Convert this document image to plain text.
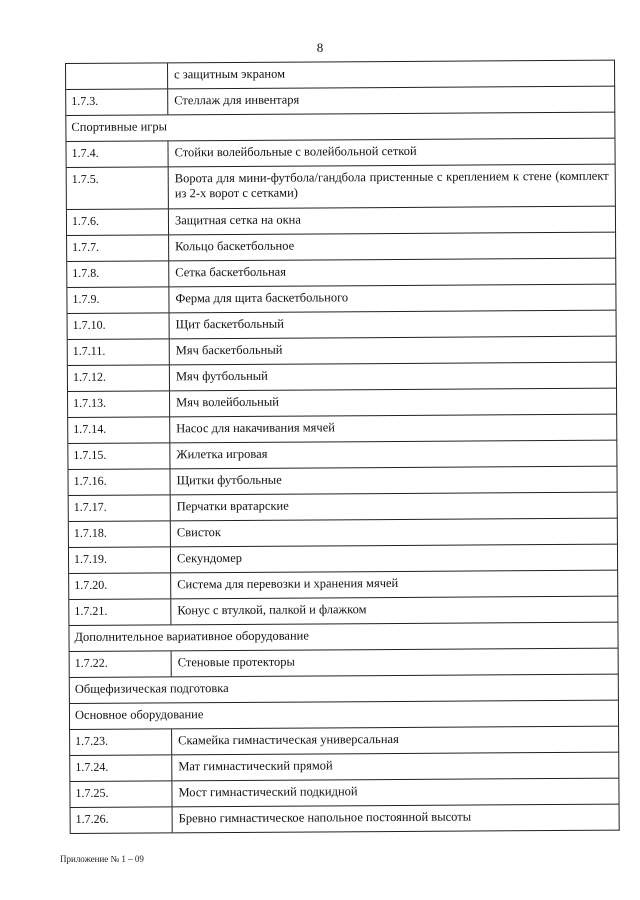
8
с защитным экраном
1.7.3.	Стеллаж для инвентаря
Спортивные игры
1.7.4.	Стойки волейбольные с волейбольной сеткой
1.7.5.	Ворота для мини-футбола/гандбола пристенные с креплением к стене (комплект из 2-х ворот с сетками)
1.7.6.	Защитная сетка на окна
1.7.7.	Кольцо баскетбольное
1.7.8.	Сетка баскетбольная
1.7.9.	Ферма для щита баскетбольного
1.7.10.	Щит баскетбольный
1.7.11.	Мяч баскетбольный
1.7.12.	Мяч футбольный
1.7.13.	Мяч волейбольный
1.7.14.	Насос для накачивания мячей
1.7.15.	Жилетка игровая
1.7.16.	Щитки футбольные
1.7.17.	Перчатки вратарские
1.7.18.	Свисток
1.7.19.	Секундомер
1.7.20.	Система для перевозки и хранения мячей
1.7.21.	Конус с втулкой, палкой и флажком
Дополнительное вариативное оборудование
1.7.22.	Стеновые протекторы
Общефизическая подготовка
Основное оборудование
1.7.23.	Скамейка гимнастическая универсальная
1.7.24.	Мат гимнастический прямой
1.7.25.	Мост гимнастический подкидной
1.7.26.	Бревно гимнастическое напольное постоянной высоты
Приложение № 1 – 09
